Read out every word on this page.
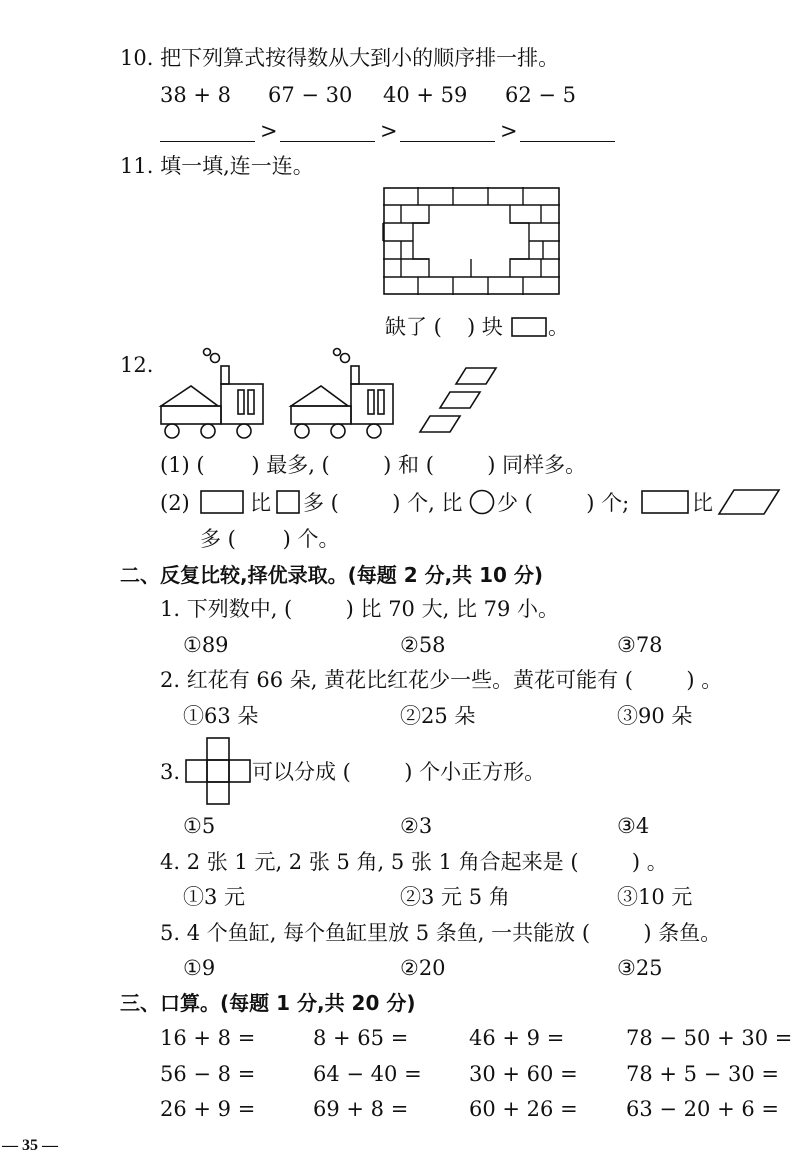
10. 把下列算式按得数从大到小的顺序排一排。
38 + 8 67 − 30 40 + 59 62 − 5
>	>	>
11. 填一填,连一连。
缺了 ( ) 块 。
12.
(1) (       ) 最多, (        ) 和 (        ) 同样多。
(2)	比 多 (        ) 个, 比 少 (        ) 个;	比
多 (       ) 个。
二、反复比较,择优录取。(每题 2 分,共 10 分)
1. 下列数中, (        ) 比 70 大, 比 79 小。
①89	②58	③78
2. 红花有 66 朵, 黄花比红花少一些。黄花可能有 (        ) 。
①63 朵	②25 朵	③90 朵
3.	可以分成 (        ) 个小正方形。
①5	②3	③4
4. 2 张 1 元, 2 张 5 角, 5 张 1 角合起来是 (        ) 。
①3 元	②3 元 5 角	③10 元
5. 4 个鱼缸, 每个鱼缸里放 5 条鱼, 一共能放 (        ) 条鱼。
①9	②20	③25
三、口算。(每题 1 分,共 20 分)
16 + 8 =	8 + 65 =	46 + 9 =	78 − 50 + 30 =
56 − 8 =	64 − 40 = 30 + 60 = 78 + 5 − 30 =
26 + 9 =	69 + 8 =	60 + 26 = 63 − 20 + 6 =
— 35 —
